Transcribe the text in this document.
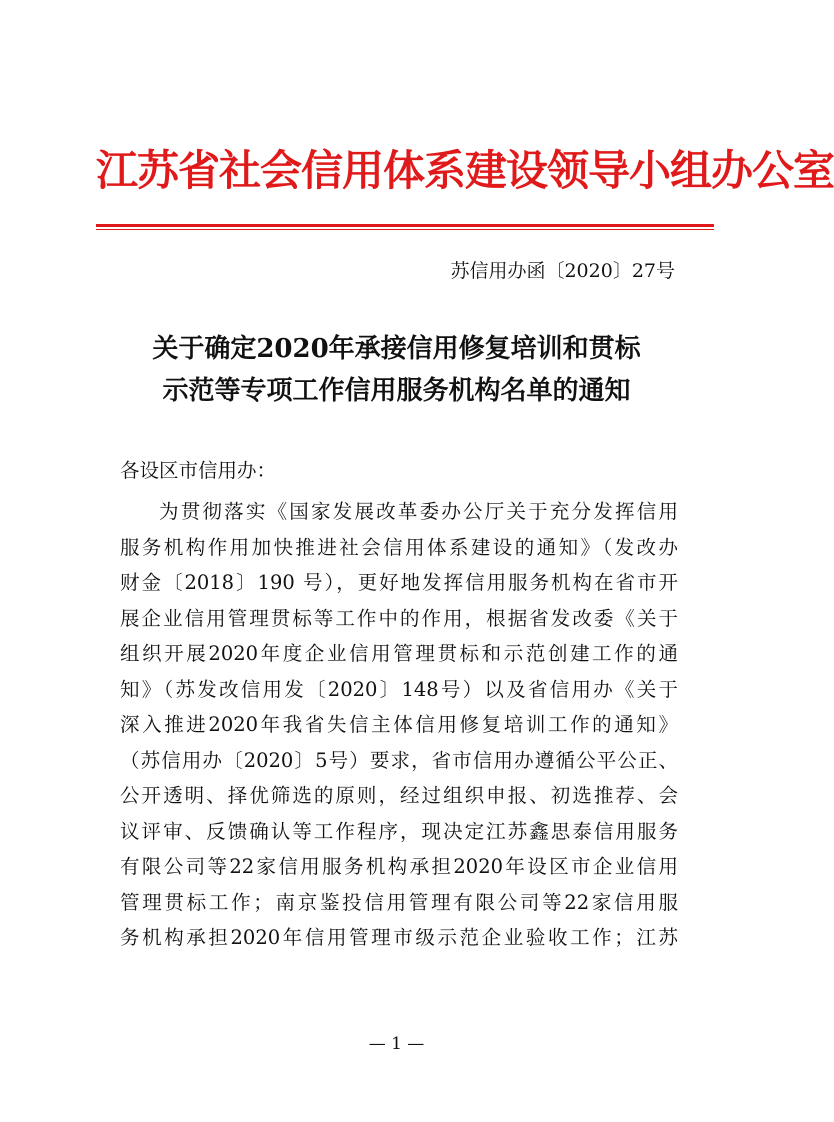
江苏省社会信用体系建设领导小组办公室
苏信用办函〔2020〕27号
关于确定2020年承接信用修复培训和贯标
示范等专项工作信用服务机构名单的通知
各设区市信用办：
为贯彻落实《国家发展改革委办公厅关于充分发挥信用
服务机构作用加快推进社会信用体系建设的通知》（发改办
财金〔2018〕190 号），更好地发挥信用服务机构在省市开
展企业信用管理贯标等工作中的作用，根据省发改委《关于
组织开展2020年度企业信用管理贯标和示范创建工作的通
知》（苏发改信用发〔2020〕148号）以及省信用办《关于
深入推进2020年我省失信主体信用修复培训工作的通知》
（苏信用办〔2020〕5号）要求，省市信用办遵循公平公正、
公开透明、择优筛选的原则，经过组织申报、初选推荐、会
议评审、反馈确认等工作程序，现决定江苏鑫思泰信用服务
有限公司等22家信用服务机构承担2020年设区市企业信用
管理贯标工作；南京鉴投信用管理有限公司等22家信用服
务机构承担2020年信用管理市级示范企业验收工作；江苏
— 1 —
